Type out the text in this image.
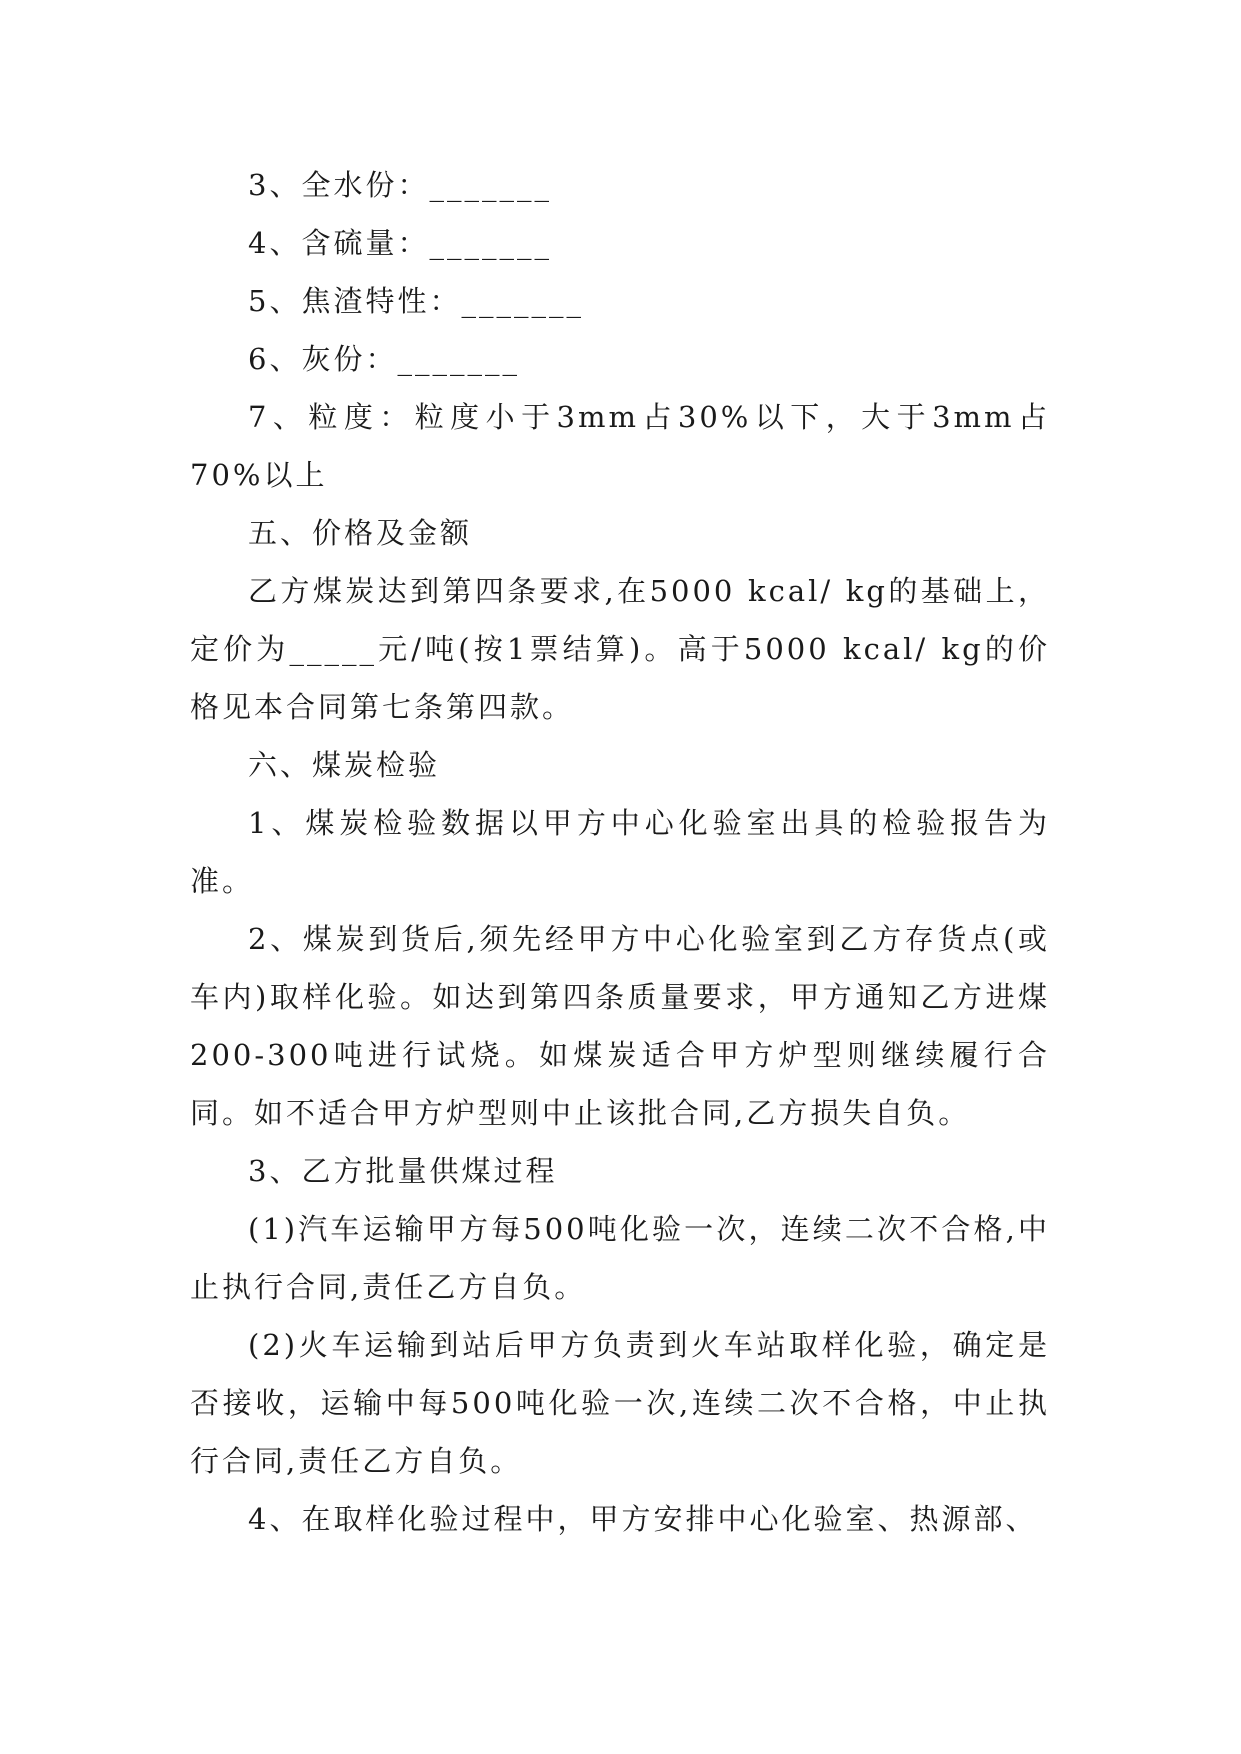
3、全水份：_______

4、含硫量：_______

5、焦渣特性：_______

6、灰份：_______

7、粒度：粒度小于3mm占30%以下，大于3mm占70%以上

五、价格及金额

乙方煤炭达到第四条要求,在5000 kcal/ kg的基础上，定价为_____元/吨(按1票结算)。高于5000 kcal/ kg的价格见本合同第七条第四款。

六、煤炭检验

1、煤炭检验数据以甲方中心化验室出具的检验报告为准。

2、煤炭到货后,须先经甲方中心化验室到乙方存货点(或车内)取样化验。如达到第四条质量要求，甲方通知乙方进煤200-300吨进行试烧。如煤炭适合甲方炉型则继续履行合同。如不适合甲方炉型则中止该批合同,乙方损失自负。

3、乙方批量供煤过程

(1)汽车运输甲方每500吨化验一次，连续二次不合格,中止执行合同,责任乙方自负。

(2)火车运输到站后甲方负责到火车站取样化验，确定是否接收，运输中每500吨化验一次,连续二次不合格，中止执行合同,责任乙方自负。

4、在取样化验过程中，甲方安排中心化验室、热源部、
